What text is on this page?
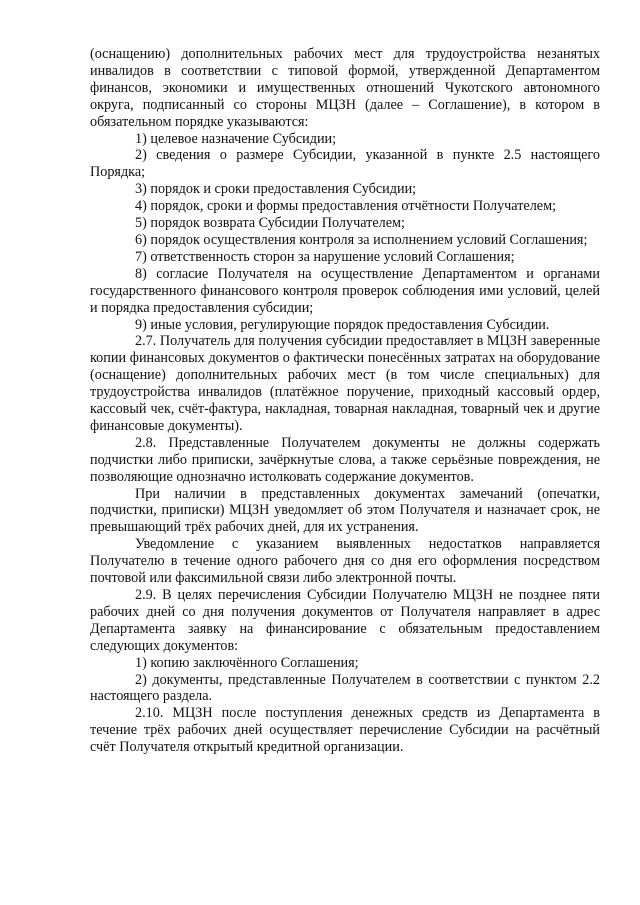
(оснащению) дополнительных рабочих мест для трудоустройства незанятых инвалидов в соответствии с типовой формой, утвержденной Департаментом финансов, экономики и имущественных отношений Чукотского автономного округа, подписанный со стороны МЦЗН (далее – Соглашение), в котором в обязательном порядке указываются:

1) целевое назначение Субсидии;

2) сведения о размере Субсидии, указанной в пункте 2.5 настоящего Порядка;

3) порядок и сроки предоставления Субсидии;

4) порядок, сроки и формы предоставления отчётности Получателем;

5) порядок возврата Субсидии Получателем;

6) порядок осуществления контроля за исполнением условий Соглашения;

7) ответственность сторон за нарушение условий Соглашения;

8) согласие Получателя на осуществление Департаментом и органами государственного финансового контроля проверок соблюдения ими условий, целей и порядка предоставления субсидии;

9) иные условия, регулирующие порядок предоставления Субсидии.

2.7. Получатель для получения субсидии предоставляет в МЦЗН заверенные копии финансовых документов о фактически понесённых затратах на оборудование (оснащение) дополнительных рабочих мест (в том числе специальных) для трудоустройства инвалидов (платёжное поручение, приходный кассовый ордер, кассовый чек, счёт-фактура, накладная, товарная накладная, товарный чек и другие финансовые документы).

2.8. Представленные Получателем документы не должны содержать подчистки либо приписки, зачёркнутые слова, а также серьёзные повреждения, не позволяющие однозначно истолковать содержание документов.

При наличии в представленных документах замечаний (опечатки, подчистки, приписки) МЦЗН уведомляет об этом Получателя и назначает срок, не превышающий трёх рабочих дней, для их устранения.

Уведомление с указанием выявленных недостатков направляется Получателю в течение одного рабочего дня со дня его оформления посредством почтовой или факсимильной связи либо электронной почты.

2.9. В целях перечисления Субсидии Получателю МЦЗН не позднее пяти рабочих дней со дня получения документов от Получателя направляет в адрес Департамента заявку на финансирование с обязательным предоставлением следующих документов:

1) копию заключённого Соглашения;

2) документы, представленные Получателем в соответствии с пунктом 2.2 настоящего раздела.

2.10. МЦЗН после поступления денежных средств из Департамента в течение трёх рабочих дней осуществляет перечисление Субсидии на расчётный счёт Получателя открытый кредитной организации.
